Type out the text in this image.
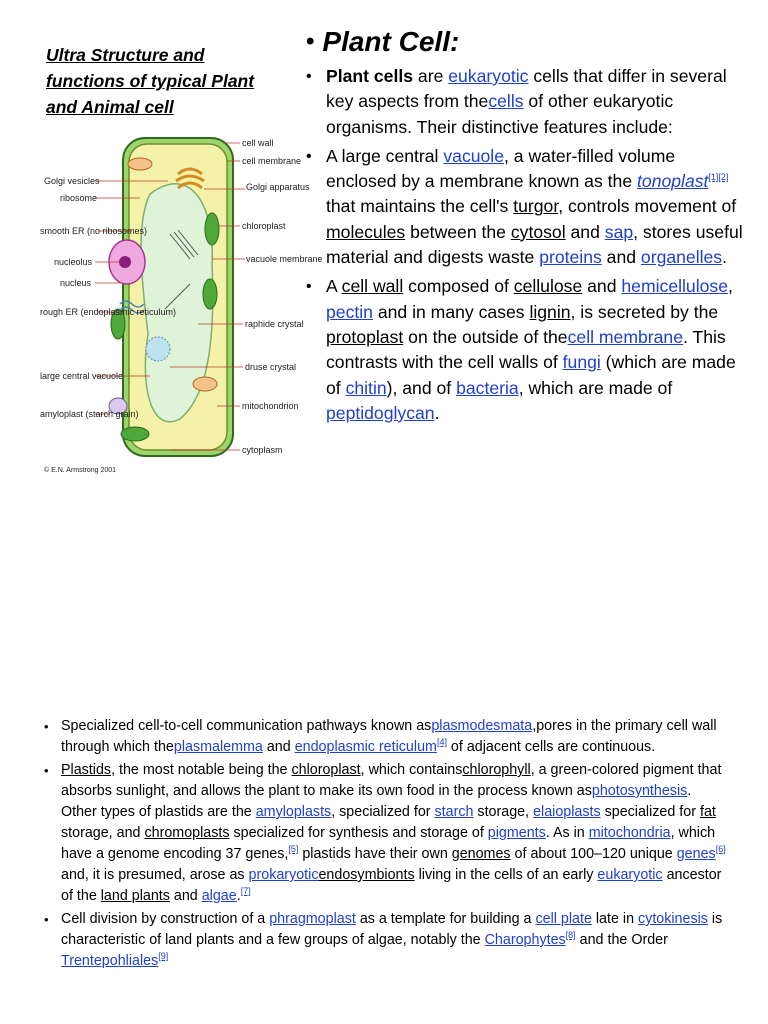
Ultra Structure and functions of typical Plant and Animal cell
cell wall
cell membrane
Golgi vesicles
ribosome
Golgi apparatus
chloroplast
smooth ER (no ribosomes)
vacuole membrane
nucleolus
nucleus
rough ER (endoplasmic reticulum)
raphide crystal
druse crystal
large central vacuole
mitochondrion
amyloplast (starch grain)
cytoplasm
© E.N. Armstrong 2001
• Plant Cell:
• Plant cells are eukaryotic cells that differ in several key aspects from thecells of other eukaryotic organisms. Their distinctive features include:
• A large central vacuole, a water-filled volume enclosed by a membrane known as the tonoplast[1][2] that maintains the cell's turgor, controls movement of molecules between the cytosol and sap, stores useful material and digests waste proteins and organelles.
• A cell wall composed of cellulose and hemicellulose, pectin and in many cases lignin, is secreted by the protoplast on the outside of thecell membrane. This contrasts with the cell walls of fungi (which are made of chitin), and of bacteria, which are made of peptidoglycan.
• Specialized cell-to-cell communication pathways known asplasmodesmata,pores in the primary cell wall through which theplasmalemma and endoplasmic reticulum[4] of adjacent cells are continuous.
• Plastids, the most notable being the chloroplast, which containschlorophyll, a green-colored pigment that absorbs sunlight, and allows the plant to make its own food in the process known asphotosynthesis. Other types of plastids are the amyloplasts, specialized for starch storage, elaioplasts specialized for fat storage, and chromoplasts specialized for synthesis and storage of pigments. As in mitochondria, which have a genome encoding 37 genes,[5] plastids have their own genomes of about 100–120 unique genes[6] and, it is presumed, arose as prokaryoticendosymbionts living in the cells of an early eukaryotic ancestor of the land plants and algae.[7]
• Cell division by construction of a phragmoplast as a template for building a cell plate late in cytokinesis is characteristic of land plants and a few groups of algae, notably the Charophytes[8] and the Order Trentepohliales[9]
